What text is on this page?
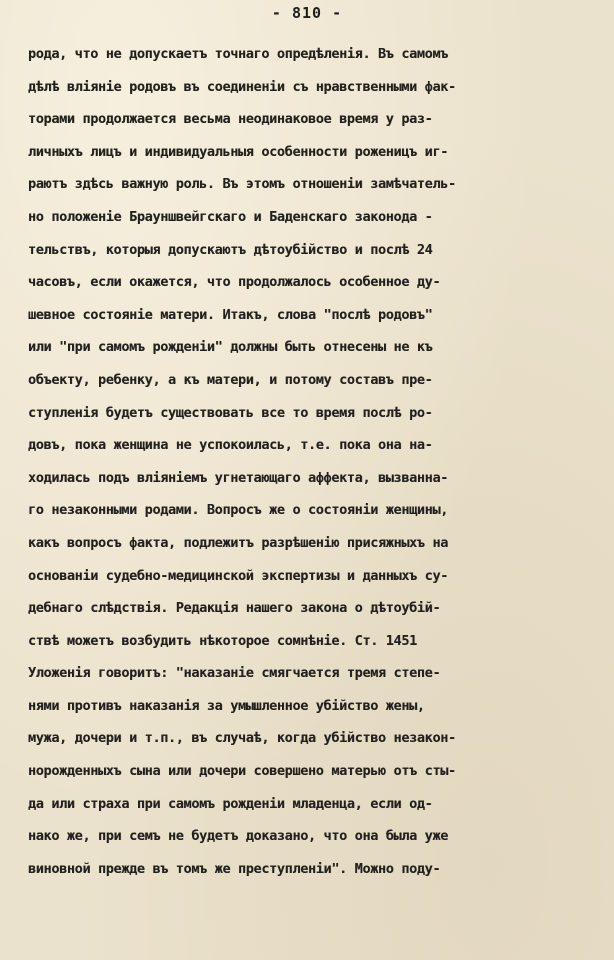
- 810 -
рода, что не допускаетъ точнаго опредѣленія. Въ самомъ
дѣлѣ вліяніе родовъ въ соединеніи съ нравственными фак-
торами продолжается весьма неодинаковое время у раз-
личныхъ лицъ и индивидуальныя особенности роженицъ иг-
раютъ здѣсь важную роль. Въ этомъ отношеніи замѣчатель-
но положеніе Брауншвейгскаго и Баденскаго законода -
тельствъ, которыя допускаютъ дѣтоубійство и послѣ 24
часовъ, если окажется, что продолжалось особенное ду-
шевное состояніе матери. Итакъ, слова "послѣ родовъ"
или "при самомъ рожденіи" должны быть отнесены не къ
объекту, ребенку, а къ матери, и потому составъ пре-
ступленія будетъ существовать все то время послѣ ро-
довъ, пока женщина не успокоилась, т.е. пока она на-
ходилась подъ вліяніемъ угнетающаго аффекта, вызванна-
го незаконными родами. Вопросъ же о состояніи женщины,
какъ вопросъ факта, подлежитъ разрѣшенію присяжныхъ на
основаніи судебно-медицинской экспертизы и данныхъ су-
дебнаго слѣдствія. Редакція нашего закона о дѣтоубій-
ствѣ можетъ возбудить нѣкоторое сомнѣніе. Ст. 1451
Уложенія говоритъ: "наказаніе смягчается тремя степе-
нями противъ наказанія за умышленное убійство жены,
мужа, дочери и т.п., въ случаѣ, когда убійство незакон-
норожденныхъ сына или дочери совершено матерью отъ сты-
да или страха при самомъ рожденіи младенца, если од-
нако же, при семъ не будетъ доказано, что она была уже
виновной прежде въ томъ же преступленіи". Можно поду-
